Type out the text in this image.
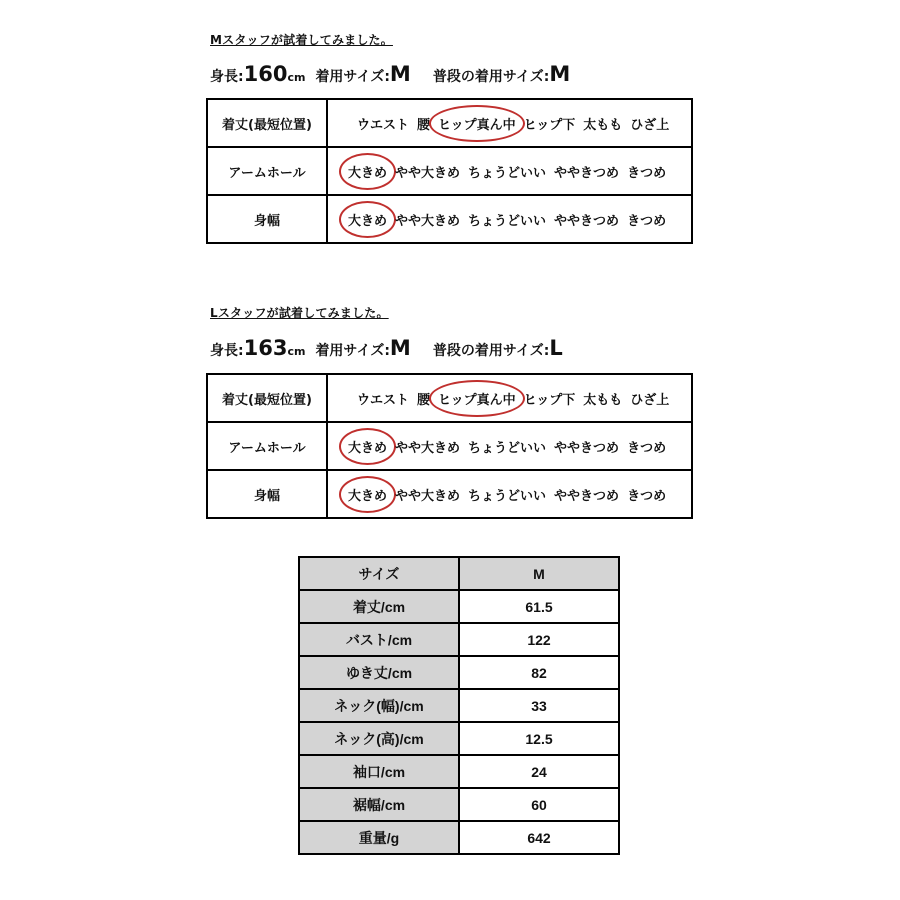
Mスタッフが試着してみました。
身長:160cm 着用サイズ:M 普段の着用サイズ:M
着丈(最短位置)	ウエスト 腰 ヒップ真ん中 ヒップ下 太もも ひざ上
アームホール	大きめ やや大きめ ちょうどいい ややきつめ きつめ
身幅	大きめ やや大きめ ちょうどいい ややきつめ きつめ
Lスタッフが試着してみました。
身長:163cm 着用サイズ:M 普段の着用サイズ:L
着丈(最短位置)	ウエスト 腰 ヒップ真ん中 ヒップ下 太もも ひざ上
アームホール	大きめ やや大きめ ちょうどいい ややきつめ きつめ
身幅	大きめ やや大きめ ちょうどいい ややきつめ きつめ
サイズ	M
着丈/cm	61.5
バスト/cm	122
ゆき丈/cm	82
ネック(幅)/cm	33
ネック(高)/cm	12.5
袖口/cm	24
裾幅/cm	60
重量/g	642
